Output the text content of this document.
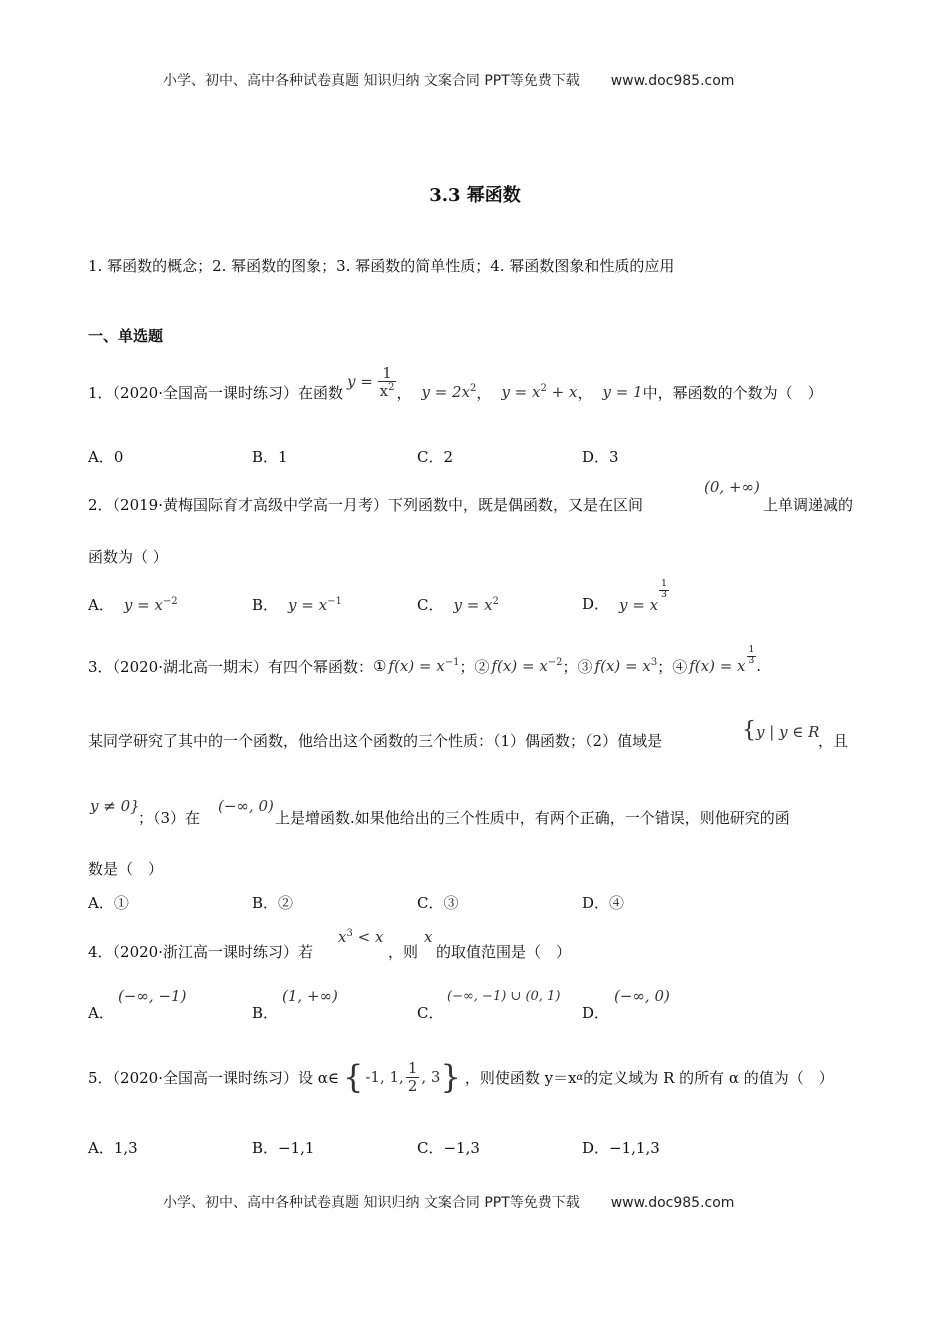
小学、初中、高中各种试卷真题 知识归纳 文案合同 PPT等免费下载 www.doc985.com
3.3 幂函数
1. 幂函数的概念；2. 幂函数的图象；3. 幂函数的简单性质；4. 幂函数图象和性质的应用
一、单选题
1．（2020·全国高一课时练习）在函数
$y = \frac{1}{x^2}$ ， $y = 2x^2$ ， $y = x^2 + x$ ， y = 1 中，幂函数的个数为（　）
A．0	B．1	C．2	D．3
2．（2019·黄梅国际育才高级中学高一月考）下列函数中，既是偶函数，又是在区间
(0, +∞)
上单调递减的
函数为（ ）
A． $y = x^{-2}$	B． $y = x^{-1}$	C． $y = x^2$	D． y = x
$\frac{1}{3}$
3．（2020·湖北高一期末）有四个幂函数： ① $f(x) = x^{-1}$ ；② $f(x) = x^{-2}$ ；③ $f(x) = x^3$ ；④ f(x) = x $\frac{1}{3}$ .
某同学研究了其中的一个函数，他给出这个函数的三个性质：（1）偶函数；（2）值域是	{y | y ∈ R
，且
y ≠ 0}
；（3）在
(−∞, 0)
上是增函数.如果他给出的三个性质中，有两个正确，一个错误，则他研究的函
数是（　）
A．①	B．②	C．③	D．④
4．（2020·浙江高一课时练习）若
$x^3 < x$
，则
x
的取值范围是（　）
A．
(−∞, −1)
B．
(1, +∞)
C．
(−∞, −1) ∪ (0, 1)
D．
(−∞, 0)
5．（2020·全国高一课时练习）设 α∈ { -1, 1, $\frac{1}{2}$ , 3 } ，则使函数 y＝x α 的定义域为 R 的所有 α 的值为（　）
A．1,3	B．−1,1	C．−1,3	D．−1,1,3
小学、初中、高中各种试卷真题 知识归纳 文案合同 PPT等免费下载 www.doc985.com
